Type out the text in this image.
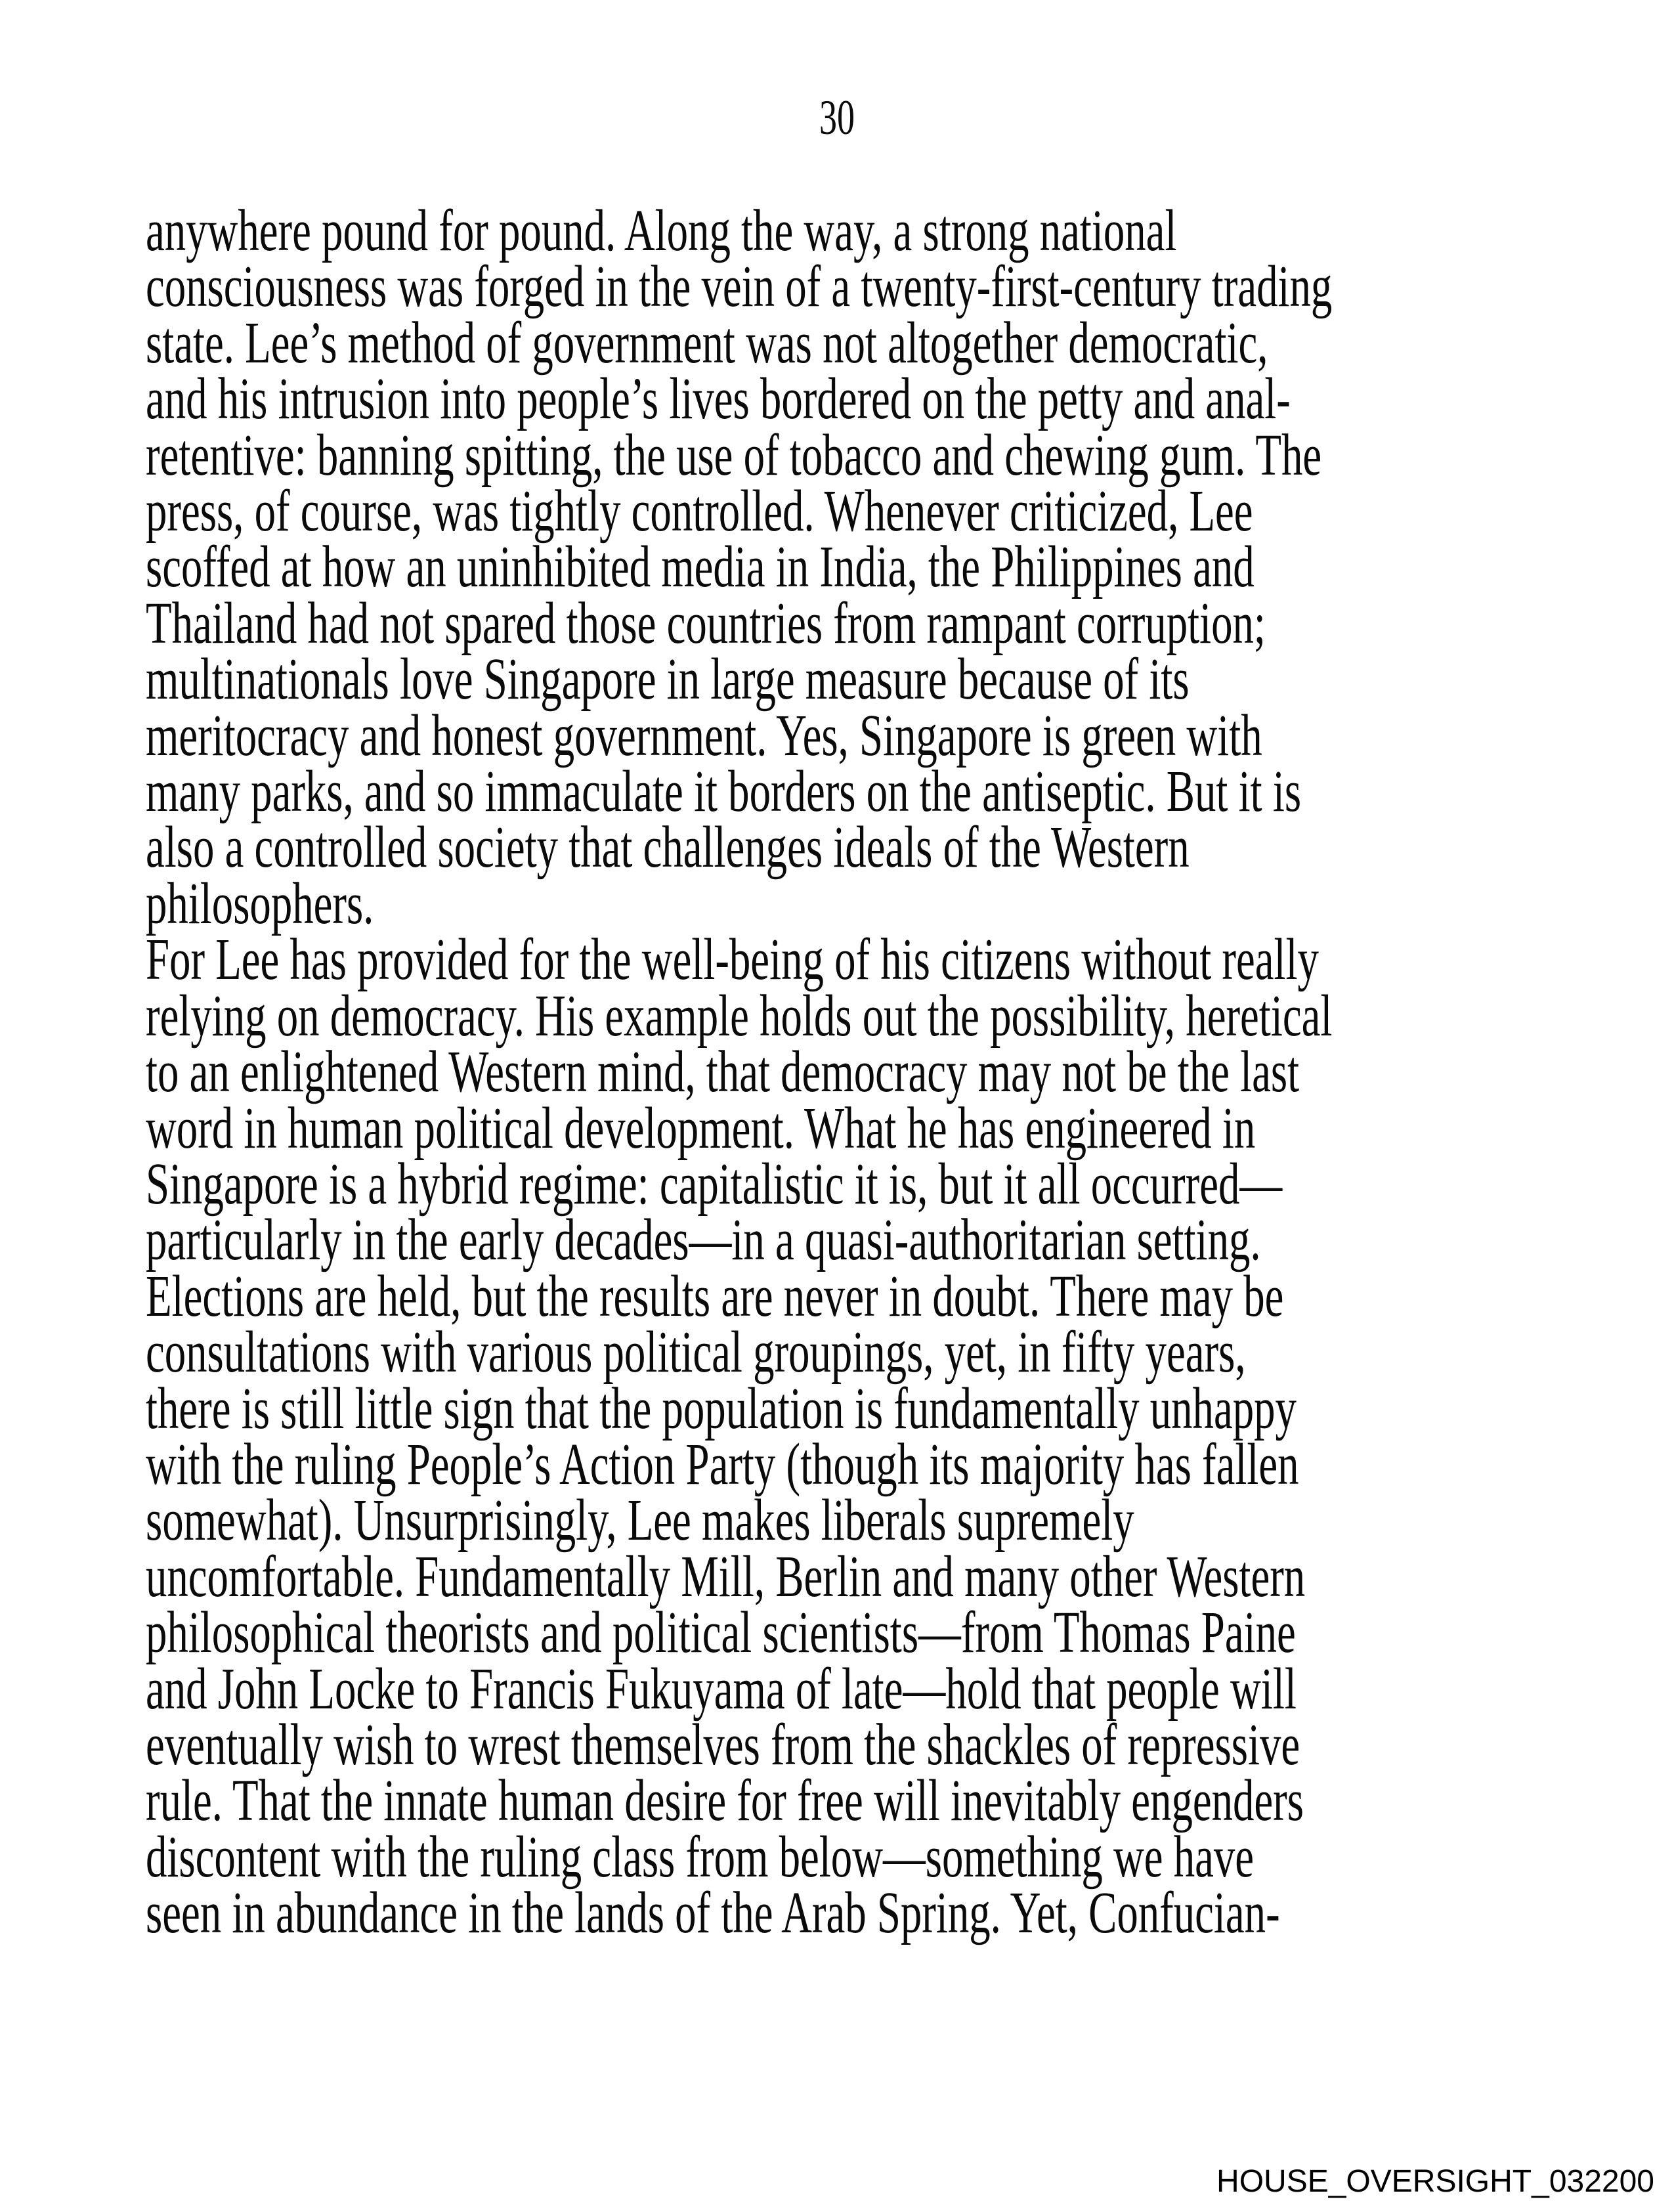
30
anywhere pound for pound. Along the way, a strong national
consciousness was forged in the vein of a twenty-first-century trading
state. Lee’s method of government was not altogether democratic,
and his intrusion into people’s lives bordered on the petty and anal-
retentive: banning spitting, the use of tobacco and chewing gum. The
press, of course, was tightly controlled. Whenever criticized, Lee
scoffed at how an uninhibited media in India, the Philippines and
Thailand had not spared those countries from rampant corruption;
multinationals love Singapore in large measure because of its
meritocracy and honest government. Yes, Singapore is green with
many parks, and so immaculate it borders on the antiseptic. But it is
also a controlled society that challenges ideals of the Western
philosophers.
For Lee has provided for the well-being of his citizens without really
relying on democracy. His example holds out the possibility, heretical
to an enlightened Western mind, that democracy may not be the last
word in human political development. What he has engineered in
Singapore is a hybrid regime: capitalistic it is, but it all occurred—
particularly in the early decades—in a quasi-authoritarian setting.
Elections are held, but the results are never in doubt. There may be
consultations with various political groupings, yet, in fifty years,
there is still little sign that the population is fundamentally unhappy
with the ruling People’s Action Party (though its majority has fallen
somewhat). Unsurprisingly, Lee makes liberals supremely
uncomfortable. Fundamentally Mill, Berlin and many other Western
philosophical theorists and political scientists—from Thomas Paine
and John Locke to Francis Fukuyama of late—hold that people will
eventually wish to wrest themselves from the shackles of repressive
rule. That the innate human desire for free will inevitably engenders
discontent with the ruling class from below—something we have
seen in abundance in the lands of the Arab Spring. Yet, Confucian-
HOUSE_OVERSIGHT_032200
